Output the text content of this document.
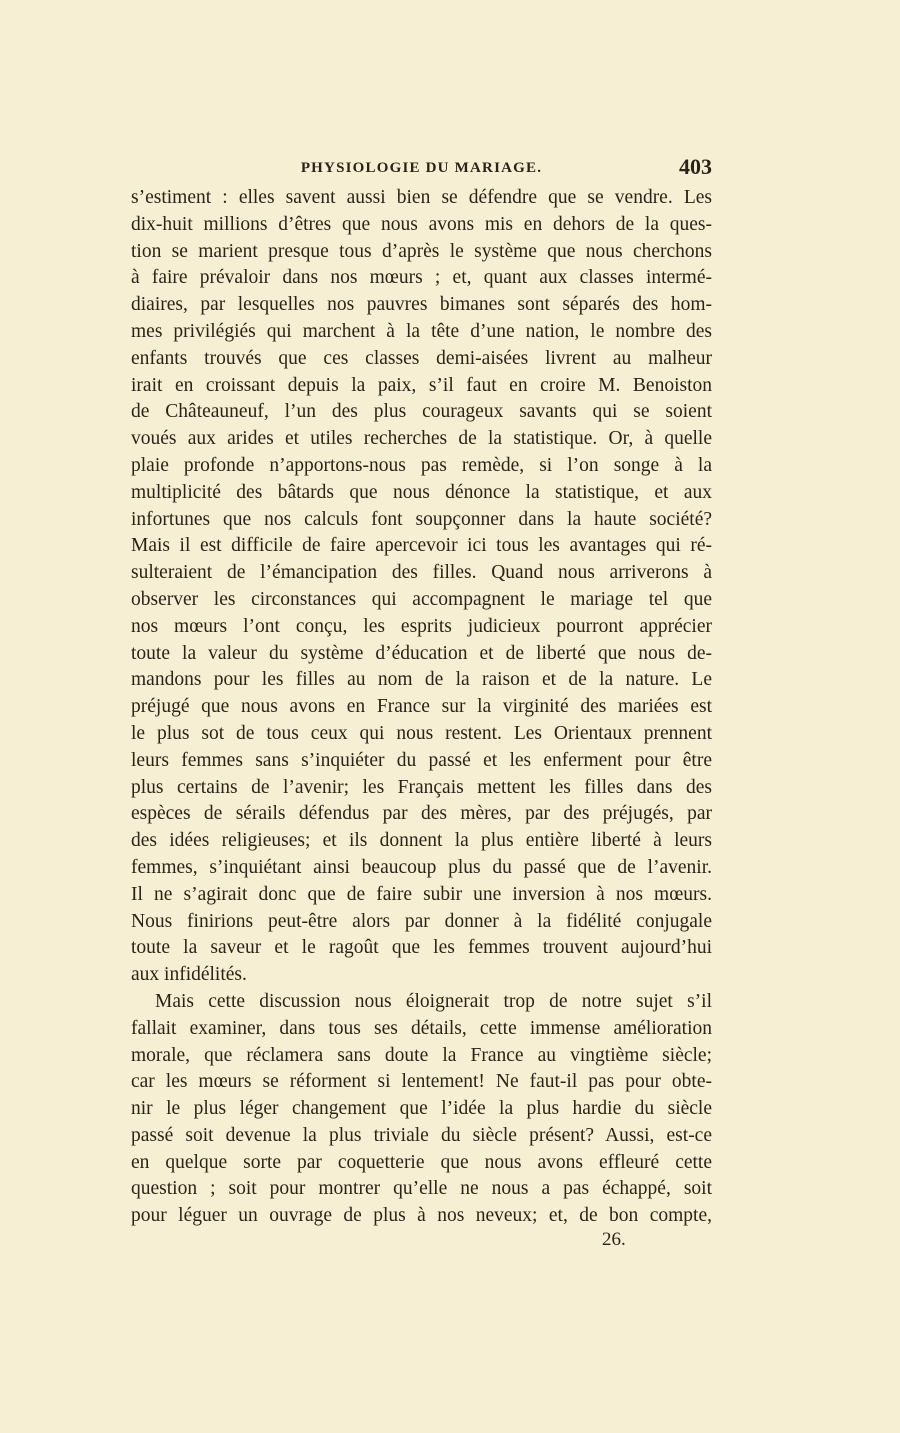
PHYSIOLOGIE DU MARIAGE.	403
s’estiment : elles savent aussi bien se défendre que se vendre. Les
dix-huit millions d’êtres que nous avons mis en dehors de la ques-
tion se marient presque tous d’après le système que nous cherchons
à faire prévaloir dans nos mœurs ; et, quant aux classes intermé-
diaires, par lesquelles nos pauvres bimanes sont séparés des hom-
mes privilégiés qui marchent à la tête d’une nation, le nombre des
enfants trouvés que ces classes demi-aisées livrent au malheur
irait en croissant depuis la paix, s’il faut en croire M. Benoiston
de Châteauneuf, l’un des plus courageux savants qui se soient
voués aux arides et utiles recherches de la statistique. Or, à quelle
plaie profonde n’apportons-nous pas remède, si l’on songe à la
multiplicité des bâtards que nous dénonce la statistique, et aux
infortunes que nos calculs font soupçonner dans la haute société?
Mais il est difficile de faire apercevoir ici tous les avantages qui ré-
sulteraient de l’émancipation des filles. Quand nous arriverons à
observer les circonstances qui accompagnent le mariage tel que
nos mœurs l’ont conçu, les esprits judicieux pourront apprécier
toute la valeur du système d’éducation et de liberté que nous de-
mandons pour les filles au nom de la raison et de la nature. Le
préjugé que nous avons en France sur la virginité des mariées est
le plus sot de tous ceux qui nous restent. Les Orientaux prennent
leurs femmes sans s’inquiéter du passé et les enferment pour être
plus certains de l’avenir; les Français mettent les filles dans des
espèces de sérails défendus par des mères, par des préjugés, par
des idées religieuses; et ils donnent la plus entière liberté à leurs
femmes, s’inquiétant ainsi beaucoup plus du passé que de l’avenir.
Il ne s’agirait donc que de faire subir une inversion à nos mœurs.
Nous finirions peut-être alors par donner à la fidélité conjugale
toute la saveur et le ragoût que les femmes trouvent aujourd’hui
aux infidélités.
Mais cette discussion nous éloignerait trop de notre sujet s’il
fallait examiner, dans tous ses détails, cette immense amélioration
morale, que réclamera sans doute la France au vingtième siècle;
car les mœurs se réforment si lentement! Ne faut-il pas pour obte-
nir le plus léger changement que l’idée la plus hardie du siècle
passé soit devenue la plus triviale du siècle présent? Aussi, est-ce
en quelque sorte par coquetterie que nous avons effleuré cette
question ; soit pour montrer qu’elle ne nous a pas échappé, soit
pour léguer un ouvrage de plus à nos neveux; et, de bon compte,
26.
